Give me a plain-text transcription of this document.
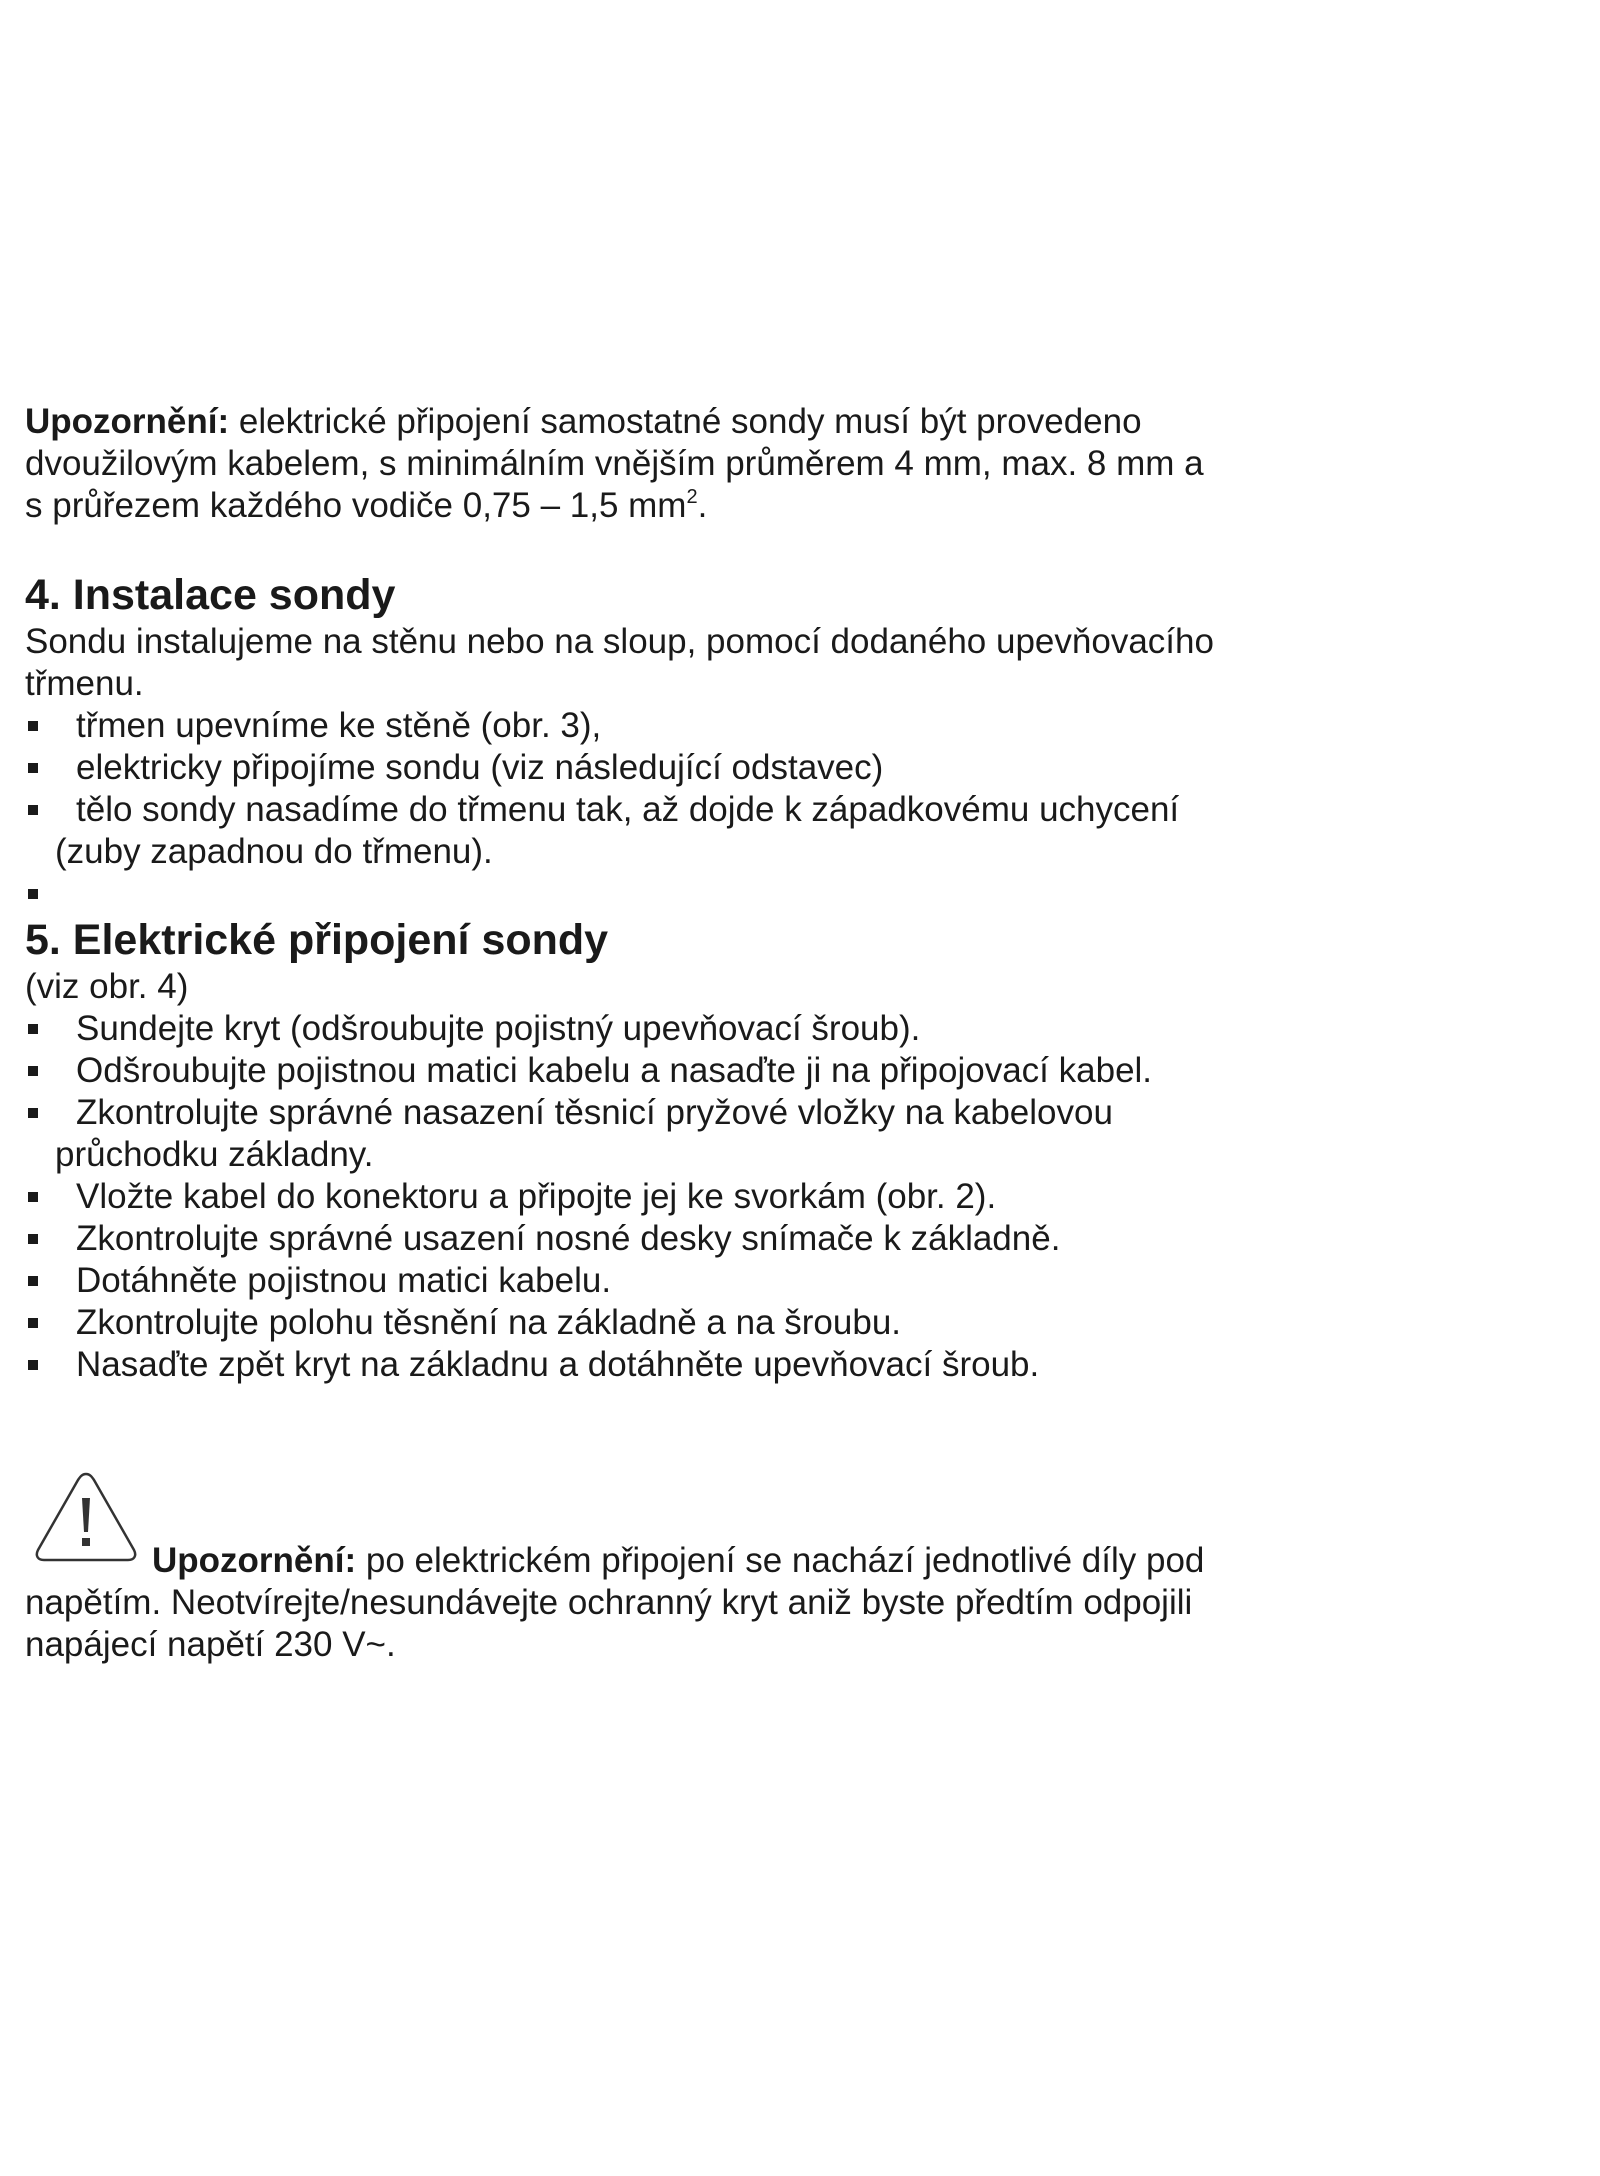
Upozornění: elektrické připojení samostatné sondy musí být provedeno
dvoužilovým kabelem, s minimálním vnějším průměrem 4 mm, max. 8 mm a
s průřezem každého vodiče 0,75 – 1,5 $mm^2$.
4. Instalace sondy
Sondu instalujeme na stěnu nebo na sloup, pomocí dodaného upevňovacího
třmenu.
třmen upevníme ke stěně (obr. 3),
elektricky připojíme sondu (viz následující odstavec)
tělo sondy nasadíme do třmenu tak, až dojde k západkovému uchycení
(zuby zapadnou do třmenu).
5. Elektrické připojení sondy
(viz obr. 4)
Sundejte kryt (odšroubujte pojistný upevňovací šroub).
Odšroubujte pojistnou matici kabelu a nasaďte ji na připojovací kabel.
Zkontrolujte správné nasazení těsnicí pryžové vložky na kabelovou
průchodku základny.
Vložte kabel do konektoru a připojte jej ke svorkám (obr. 2).
Zkontrolujte správné usazení nosné desky snímače k základně.
Dotáhněte pojistnou matici kabelu.
Zkontrolujte polohu těsnění na základně a na šroubu.
Nasaďte zpět kryt na základnu a dotáhněte upevňovací šroub.
Upozornění: po elektrickém připojení se nachází jednotlivé díly pod
napětím. Neotvírejte/nesundávejte ochranný kryt aniž byste předtím odpojili
napájecí napětí 230 V~.
